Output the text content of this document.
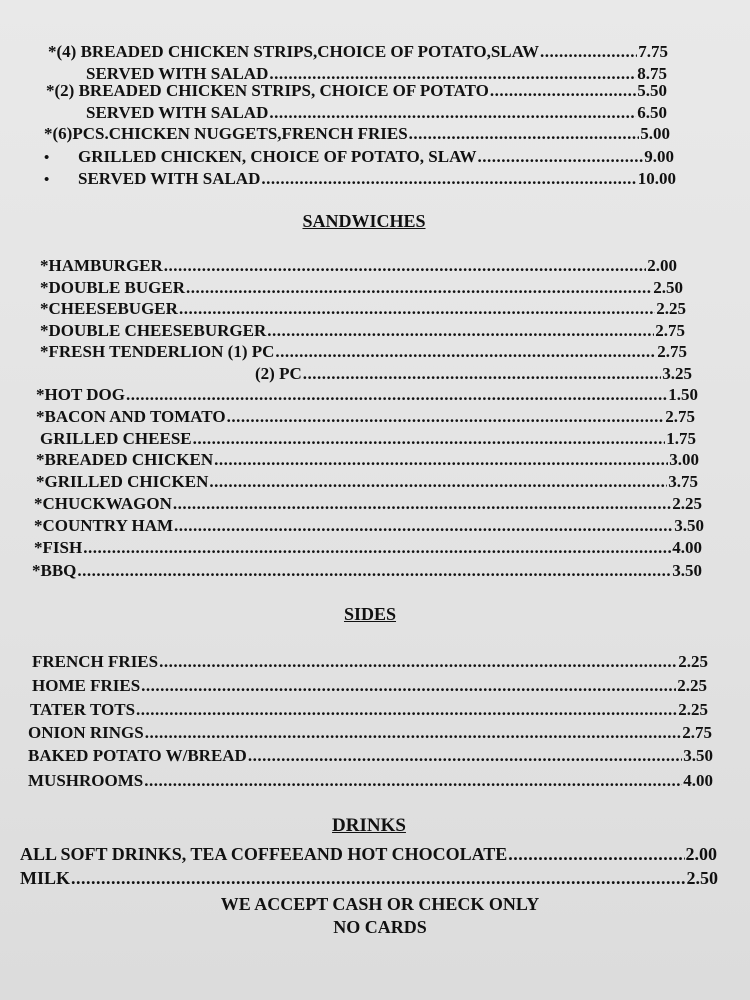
*(4) BREADED CHICKEN STRIPS,CHOICE OF POTATO,SLAW .....	7.75
SERVED WITH SALAD .....	8.75
*(2) BREADED CHICKEN STRIPS, CHOICE OF POTATO .....	5.50
SERVED WITH SALAD .....	6.50
*(6)PCS.CHICKEN NUGGETS,FRENCH FRIES .....	5.00
•	GRILLED CHICKEN, CHOICE OF POTATO, SLAW .....	9.00
•	SERVED WITH SALAD .....	10.00
SANDWICHES
*HAMBURGER .....	2.00
*DOUBLE BUGER .....	2.50
*CHEESEBUGER .....	2.25
*DOUBLE CHEESEBURGER .....	2.75
*FRESH TENDERLION (1) PC .....	2.75
(2) PC .....	3.25
*HOT DOG .....	1.50
*BACON AND TOMATO .....	2.75
GRILLED CHEESE .....	1.75
*BREADED CHICKEN .....	3.00
*GRILLED CHICKEN .....	3.75
*CHUCKWAGON .....	2.25
*COUNTRY HAM .....	3.50
*FISH .....	4.00
*BBQ .....	3.50
SIDES
FRENCH FRIES .....	2.25
HOME FRIES .....	2.25
TATER TOTS .....	2.25
ONION RINGS .....	2.75
BAKED POTATO W/BREAD .....	3.50
MUSHROOMS .....	4.00
DRINKS
ALL SOFT DRINKS, TEA COFFEEAND HOT CHOCOLATE .....	2.00
MILK .....	2.50
WE ACCEPT CASH OR CHECK ONLY
NO CARDS
